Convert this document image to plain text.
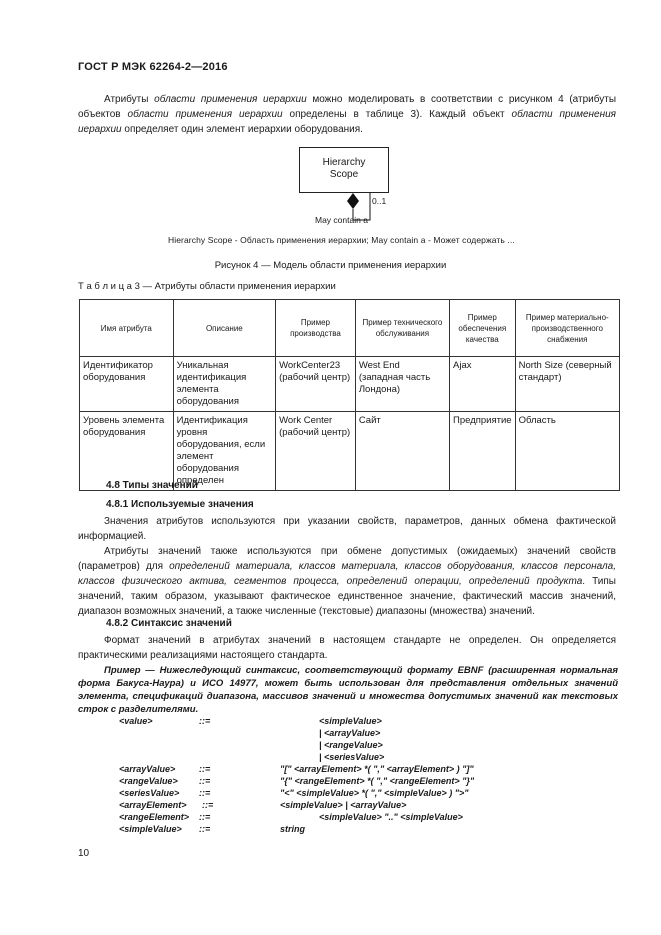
ГОСТ Р МЭК 62264-2—2016
Атрибуты области применения иерархии можно моделировать в соответствии с рисунком 4 (атрибуты объектов области применения иерархии определены в таблице 3). Каждый объект области применения иерархии определяет один элемент иерархии оборудования.
Hierarchy
Scope
0..1
May contain a
Hierarchy Scope - Область применения иерархии; May contain a - Может содержать ...
Рисунок 4 — Модель области применения иерархии
Т а б л и ц а 3 — Атрибуты области применения иерархии
Имя атрибута	Описание	Пример производства	Пример технического обслуживания	Пример обеспечения качества	Пример материально-производственного снабжения
Идентификатор оборудования	Уникальная идентификация элемента оборудования	WorkCenter23 (рабочий центр)	West End (западная часть Лондона)	Ajax	North Size (северный стандарт)
Уровень элемента оборудования	Идентификация уровня оборудования, если элемент оборудования определен	Work Center (рабочий центр)	Сайт	Предприятие	Область
4.8 Типы значений
4.8.1 Используемые значения
Значения атрибутов используются при указании свойств, параметров, данных обмена фактической информацией.
Атрибуты значений также используются при обмене допустимых (ожидаемых) значений свойств (параметров) для определений материала, классов материала, классов оборудования, классов персонала, классов физического актива, сегментов процесса, определений операции, определений продукта. Типы значений, таким образом, указывают фактическое единственное значение, фактический массив значений, диапазон возможных значений, а также численные (текстовые) диапазоны (множества) значений.
4.8.2 Синтаксис значений
Формат значений в атрибутах значений в настоящем стандарте не определен. Он определяется практическими реализациями настоящего стандарта.
Пример — Нижеследующий синтаксис, соответствующий формату EBNF (расширенная нормальная форма Бакуса-Наура) и ИСО 14977, может быть использован для представления отдельных значений элемента, спецификаций диапазона, массивов значений и множества допустимых значений как текстовых строк с разделителями.
<value>	::=	<simpleValue>
| <arrayValue>
| <rangeValue>
| <seriesValue>
<arrayValue>	::=	"[" <arrayElement> *( "," <arrayElement> ) "]"
<rangeValue> ::=	"{" <rangeElement> *( "," <rangeElement> "}"
<seriesValue> ::=	"<" <simpleValue> *( "," <simpleValue> ) ">"
<arrayElement> ::=	<simpleValue> | <arrayValue>
<rangeElement> ::=	<simpleValue> ".." <simpleValue>
<simpleValue> ::=	string
10
